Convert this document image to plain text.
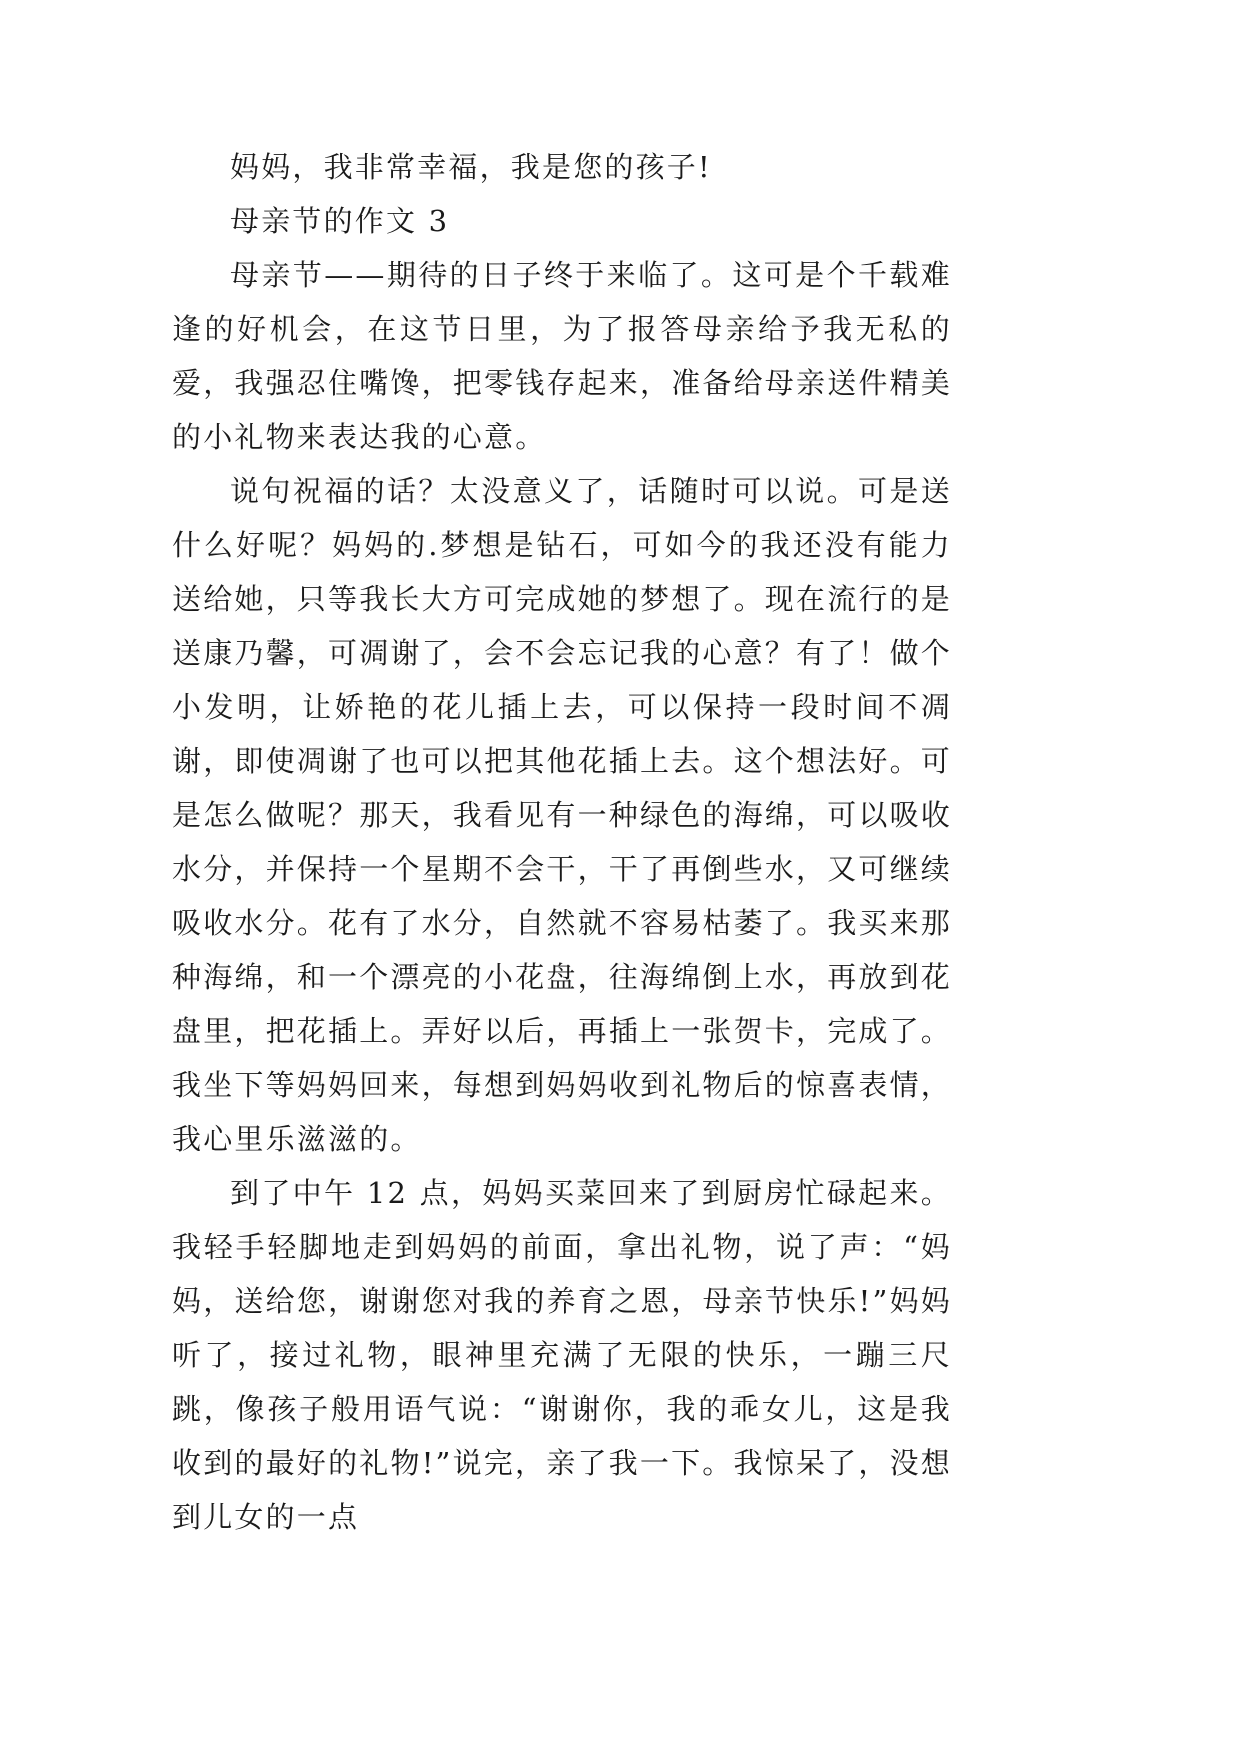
妈妈，我非常幸福，我是您的孩子!

母亲节的作文 3

母亲节——期待的日子终于来临了。这可是个千载难逢的好机会，在这节日里，为了报答母亲给予我无私的爱，我强忍住嘴馋，把零钱存起来，准备给母亲送件精美的小礼物来表达我的心意。

说句祝福的话？太没意义了，话随时可以说。可是送什么好呢？妈妈的.梦想是钻石，可如今的我还没有能力送给她，只等我长大方可完成她的梦想了。现在流行的是送康乃馨，可凋谢了，会不会忘记我的心意？有了！做个小发明，让娇艳的花儿插上去，可以保持一段时间不凋谢，即使凋谢了也可以把其他花插上去。这个想法好。可是怎么做呢？那天，我看见有一种绿色的海绵，可以吸收水分，并保持一个星期不会干，干了再倒些水，又可继续吸收水分。花有了水分，自然就不容易枯萎了。我买来那种海绵，和一个漂亮的小花盘，往海绵倒上水，再放到花盘里，把花插上。弄好以后，再插上一张贺卡，完成了。我坐下等妈妈回来，每想到妈妈收到礼物后的惊喜表情，我心里乐滋滋的。

到了中午 12 点，妈妈买菜回来了到厨房忙碌起来。我轻手轻脚地走到妈妈的前面，拿出礼物，说了声：“妈妈，送给您，谢谢您对我的养育之恩，母亲节快乐!”妈妈听了，接过礼物，眼神里充满了无限的快乐，一蹦三尺跳，像孩子般用语气说：“谢谢你，我的乖女儿，这是我收到的最好的礼物!”说完，亲了我一下。我惊呆了，没想到儿女的一点
